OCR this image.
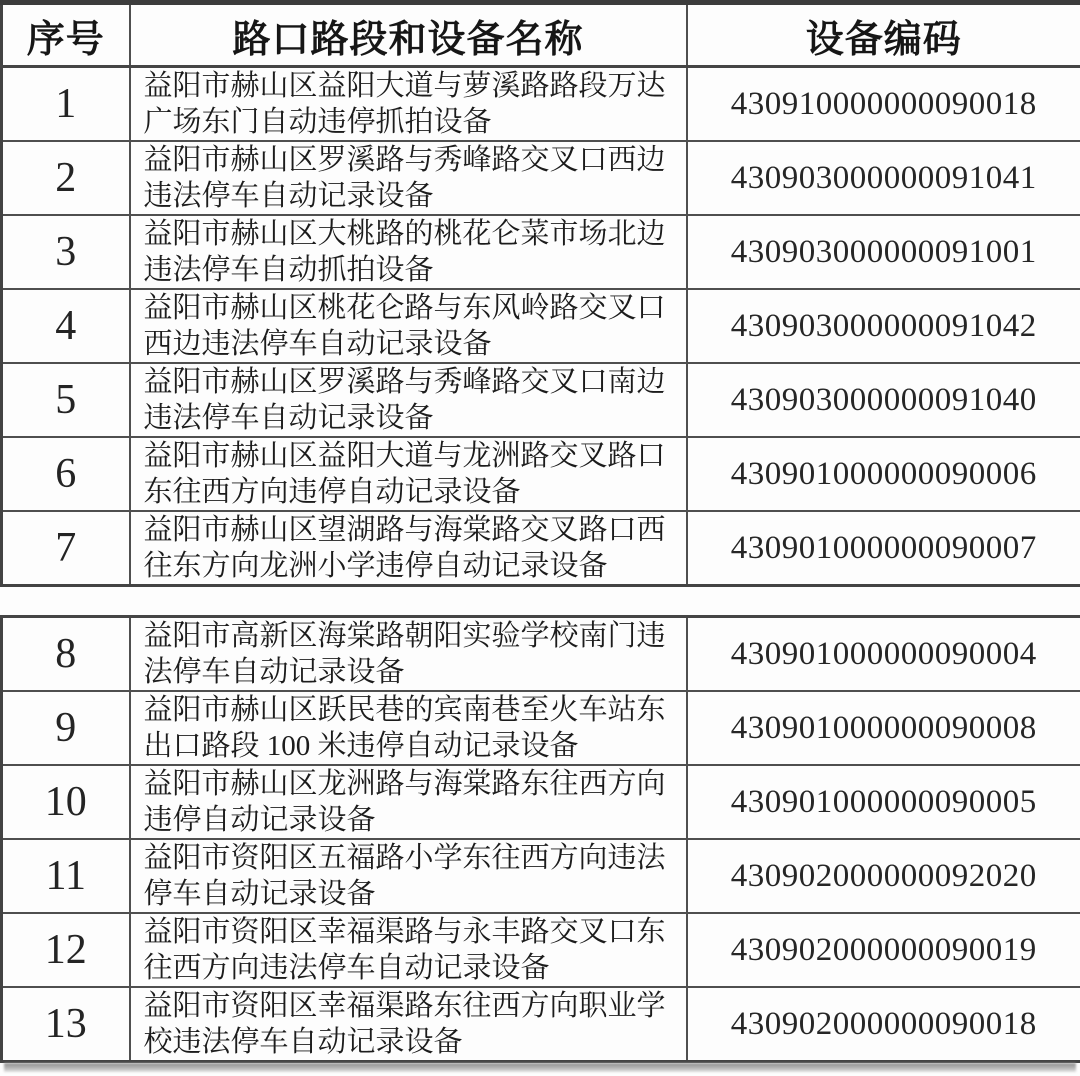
序号	路口路段和设备名称	设备编码
1	益阳市赫山区益阳大道与萝溪路路段万达广场东门自动违停抓拍设备	430910000000090018
2	益阳市赫山区罗溪路与秀峰路交叉口西边违法停车自动记录设备	430903000000091041
3	益阳市赫山区大桃路的桃花仑菜市场北边违法停车自动抓拍设备	430903000000091001
4	益阳市赫山区桃花仑路与东风岭路交叉口西边违法停车自动记录设备	430903000000091042
5	益阳市赫山区罗溪路与秀峰路交叉口南边违法停车自动记录设备	430903000000091040
6	益阳市赫山区益阳大道与龙洲路交叉路口东往西方向违停自动记录设备	430901000000090006
7	益阳市赫山区望湖路与海棠路交叉路口西往东方向龙洲小学违停自动记录设备	430901000000090007
8	益阳市高新区海棠路朝阳实验学校南门违法停车自动记录设备	430901000000090004
9	益阳市赫山区跃民巷的宾南巷至火车站东出口路段 100 米违停自动记录设备	430901000000090008
10	益阳市赫山区龙洲路与海棠路东往西方向违停自动记录设备	430901000000090005
11	益阳市资阳区五福路小学东往西方向违法停车自动记录设备	430902000000092020
12	益阳市资阳区幸福渠路与永丰路交叉口东往西方向违法停车自动记录设备	430902000000090019
13	益阳市资阳区幸福渠路东往西方向职业学校违法停车自动记录设备	430902000000090018
